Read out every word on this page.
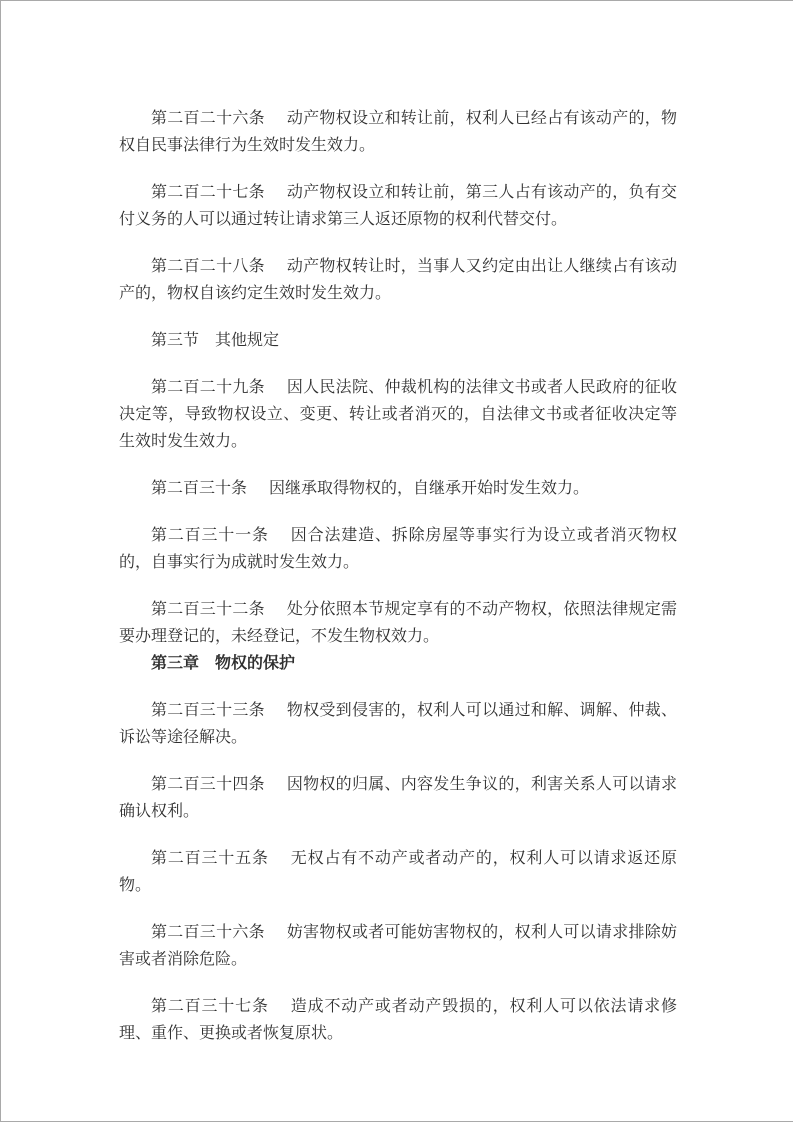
第二百二十六条 动产物权设立和转让前，权利人已经占有该动产的，物权自民事法律行为生效时发生效力。

第二百二十七条 动产物权设立和转让前，第三人占有该动产的，负有交付义务的人可以通过转让请求第三人返还原物的权利代替交付。

第二百二十八条 动产物权转让时，当事人又约定由出让人继续占有该动产的，物权自该约定生效时发生效力。

第三节 其他规定

第二百二十九条 因人民法院、仲裁机构的法律文书或者人民政府的征收决定等，导致物权设立、变更、转让或者消灭的，自法律文书或者征收决定等生效时发生效力。

第二百三十条 因继承取得物权的，自继承开始时发生效力。

第二百三十一条 因合法建造、拆除房屋等事实行为设立或者消灭物权的，自事实行为成就时发生效力。

第二百三十二条 处分依照本节规定享有的不动产物权，依照法律规定需要办理登记的，未经登记，不发生物权效力。

第三章 物权的保护

第二百三十三条 物权受到侵害的，权利人可以通过和解、调解、仲裁、诉讼等途径解决。

第二百三十四条 因物权的归属、内容发生争议的，利害关系人可以请求确认权利。

第二百三十五条 无权占有不动产或者动产的，权利人可以请求返还原物。

第二百三十六条 妨害物权或者可能妨害物权的，权利人可以请求排除妨害或者消除危险。

第二百三十七条 造成不动产或者动产毁损的，权利人可以依法请求修理、重作、更换或者恢复原状。
